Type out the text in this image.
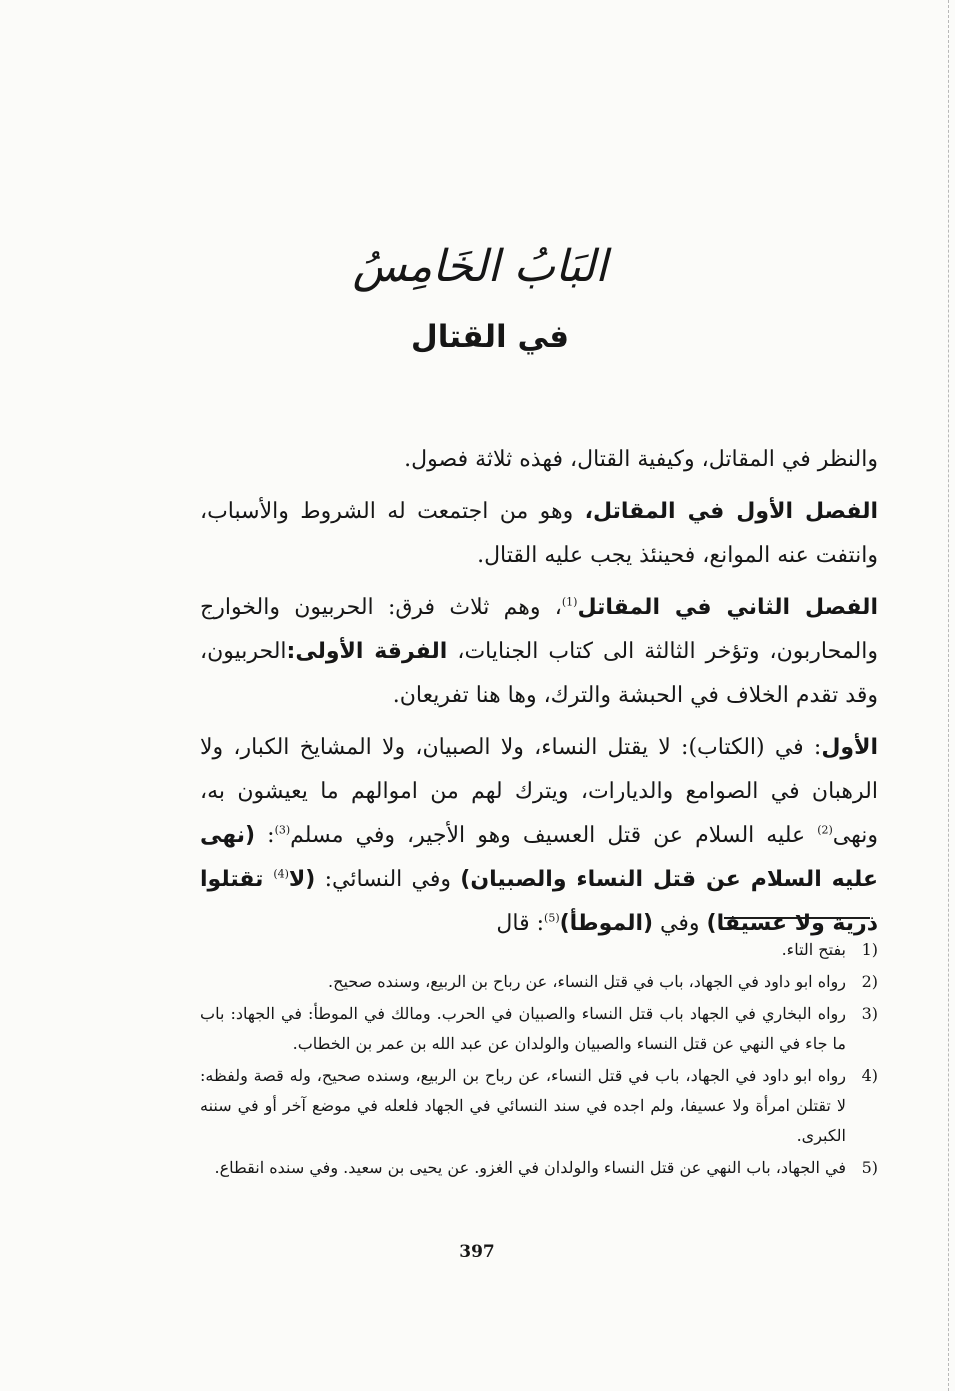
البَابُ الخَامِسُ
في القتال

والنظر في المقاتل، وكيفية القتال، فهذه ثلاثة فصول.

الفصل الأول في المقاتل، وهو من اجتمعت له الشروط والأسباب، وانتفت عنه الموانع، فحينئذ يجب عليه القتال.

الفصل الثاني في المقاتل$^{(1)}$، وهم ثلاث فرق: الحربيون والخوارج والمحاربون، وتؤخر الثالثة الى كتاب الجنايات، الفرقة الأولى:الحربيون، وقد تقدم الخلاف في الحبشة والترك، وها هنا تفريعان.

الأول: في (الكتاب): لا يقتل النساء، ولا الصبيان، ولا المشايخ الكبار، ولا الرهبان في الصوامع والديارات، ويترك لهم من اموالهم ما يعيشون به، ونهى$^{(2)}$ عليه السلام عن قتل العسيف وهو الأجير، وفي مسلم$^{(3)}$: (نهى عليه السلام عن قتل النساء والصبيان) وفي النسائي: (لا$^{(4)}$ تقتلوا ذرية ولا عسيفا) وفي (الموطأ)$^{(5)}$: قال

1)
بفتح التاء.
2)
رواه ابو داود في الجهاد، باب في قتل النساء، عن رباح بن الربيع، وسنده صحيح.
3)
رواه البخاري في الجهاد باب قتل النساء والصبيان في الحرب. ومالك في الموطأ: في الجهاد: باب ما جاء في النهي عن قتل النساء والصبيان والولدان عن عبد الله بن عمر بن الخطاب.
4)
رواه ابو داود في الجهاد، باب في قتل النساء، عن رباح بن الربيع، وسنده صحيح، وله قصة ولفظه: لا تقتلن امرأة ولا عسيفا، ولم اجده في سند النسائي في الجهاد فلعله في موضع آخر أو في سننه الكبرى.
5)
في الجهاد، باب النهي عن قتل النساء والولدان في الغزو. عن يحيى بن سعيد. وفي سنده انقطاع.
397
